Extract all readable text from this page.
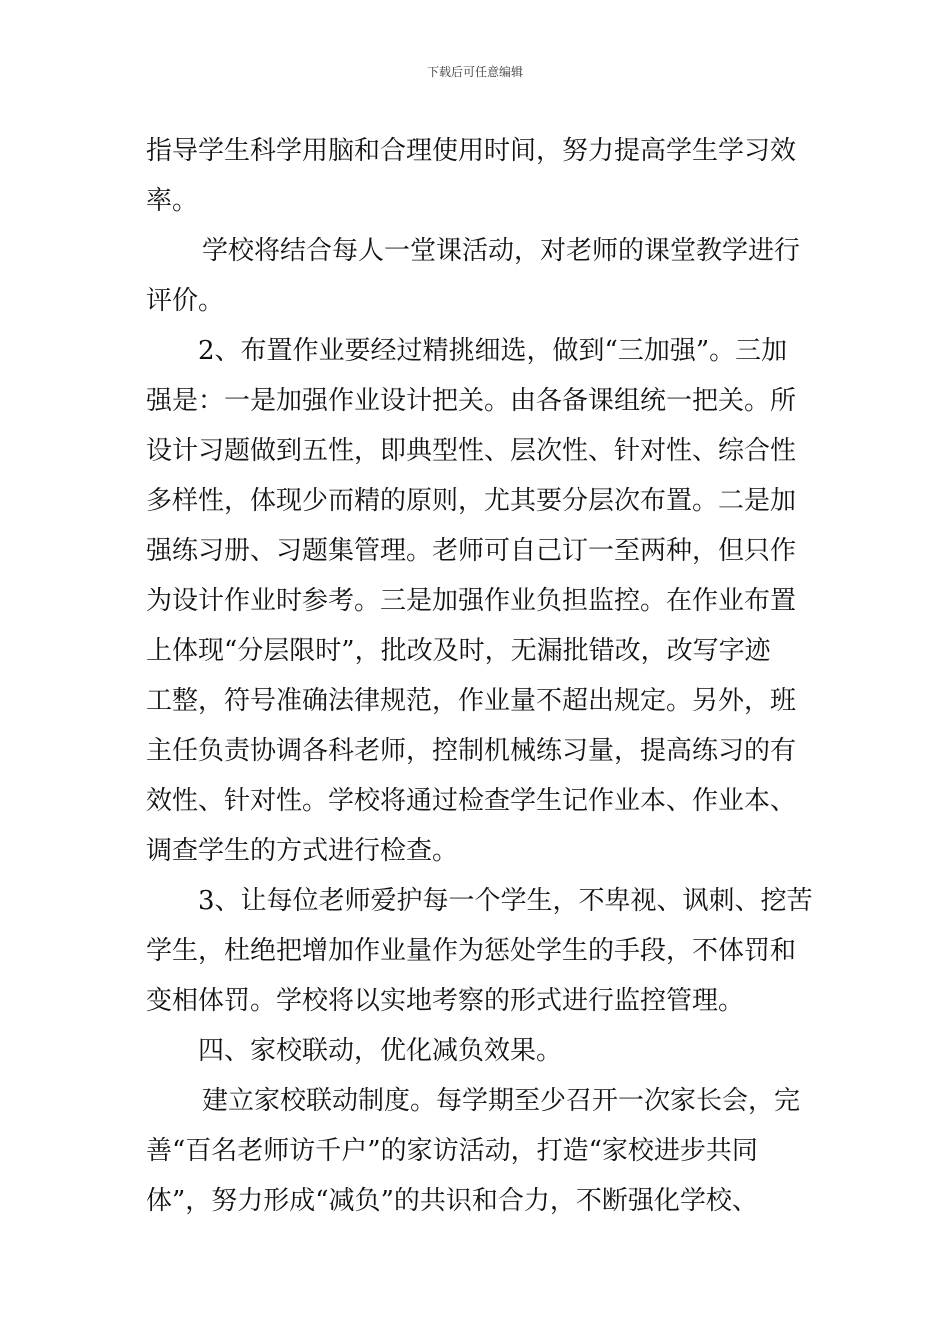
下载后可任意编辑
指导学生科学用脑和合理使用时间，努力提高学生学习效
率。
学校将结合每人一堂课活动，对老师的课堂教学进行
评价。
2、布置作业要经过精挑细选，做到“三加强”。三加
强是：一是加强作业设计把关。由各备课组统一把关。所
设计习题做到五性，即典型性、层次性、针对性、综合性
多样性，体现少而精的原则，尤其要分层次布置。二是加
强练习册、习题集管理。老师可自己订一至两种，但只作
为设计作业时参考。三是加强作业负担监控。在作业布置
上体现“分层限时”，批改及时，无漏批错改，改写字迹
工整，符号准确法律规范，作业量不超出规定。另外，班
主任负责协调各科老师，控制机械练习量，提高练习的有
效性、针对性。学校将通过检查学生记作业本、作业本、
调查学生的方式进行检查。
3、让每位老师爱护每一个学生，不卑视、讽刺、挖苦
学生，杜绝把增加作业量作为惩处学生的手段，不体罚和
变相体罚。学校将以实地考察的形式进行监控管理。
四、家校联动，优化减负效果。
建立家校联动制度。每学期至少召开一次家长会，完
善“百名老师访千户”的家访活动，打造“家校进步共同
体”，努力形成“减负”的共识和合力，不断强化学校、
